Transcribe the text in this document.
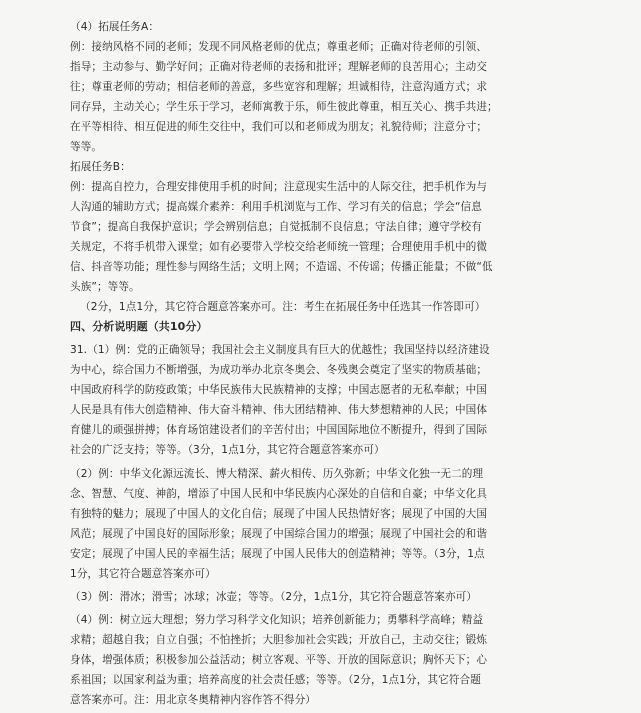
（4）拓展任务A：
例：接纳风格不同的老师；发现不同风格老师的优点；尊重老师；正确对待老师的引领、
指导；主动参与、勤学好问；正确对待老师的表扬和批评；理解老师的良苦用心；主动交
往；尊重老师的劳动；相信老师的善意，多些宽容和理解；坦诚相待，注意沟通方式；求
同存异，主动关心；学生乐于学习，老师寓教于乐，师生彼此尊重，相互关心、携手共进；
在平等相待、相互促进的师生交往中，我们可以和老师成为朋友；礼貌待师；注意分寸；
等等。
拓展任务B：
例：提高自控力，合理安排使用手机的时间；注意现实生活中的人际交往，把手机作为与
人沟通的辅助方式；提高媒介素养：利用手机浏览与工作、学习有关的信息；学会“信息
节食”；提高自我保护意识；学会辨别信息；自觉抵制不良信息；守法自律；遵守学校有
关规定，不将手机带入课堂；如有必要带入学校交给老师统一管理；合理使用手机中的微
信、抖音等功能；理性参与网络生活；文明上网；不造谣、不传谣；传播正能量；不做“低
头族”；等等。
（2分，1点1分，其它符合题意答案亦可。注：考生在拓展任务中任选其一作答即可）
四、分析说明题（共10分）
31.（1）例：党的正确领导；我国社会主义制度具有巨大的优越性；我国坚持以经济建设
为中心，综合国力不断增强，为成功举办北京冬奥会、冬残奥会奠定了坚实的物质基础；
中国政府科学的防疫政策；中华民族伟大民族精神的支撑；中国志愿者的无私奉献；中国
人民是具有伟大创造精神、伟大奋斗精神、伟大团结精神、伟大梦想精神的人民；中国体
育健儿的顽强拼搏；体育场馆建设者们的辛苦付出；中国国际地位不断提升，得到了国际
社会的广泛支持；等等。（3分，1点1分，其它符合题意答案亦可）
（2）例：中华文化源远流长、博大精深、薪火相传、历久弥新；中华文化独一无二的理
念、智慧、气度、神韵，增添了中国人民和中华民族内心深处的自信和自豪；中华文化具
有独特的魅力；展现了中国人的文化自信；展现了中国人民热情好客；展现了中国的大国
风范；展现了中国良好的国际形象；展现了中国综合国力的增强；展现了中国社会的和谐
安定；展现了中国人民的幸福生活；展现了中国人民伟大的创造精神；等等。（3分，1点
1分，其它符合题意答案亦可）
（3）例：滑冰；滑雪；冰球；冰壶；等等。（2分，1点1分，其它符合题意答案亦可）
（4）例：树立远大理想；努力学习科学文化知识；培养创新能力；勇攀科学高峰；精益
求精；超越自我；自立自强；不怕挫折；大胆参加社会实践；开放自己，主动交往；锻炼
身体，增强体质；积极参加公益活动；树立客观、平等、开放的国际意识；胸怀天下；心
系祖国；以国家利益为重；培养高度的社会责任感；等等。（2分，1点1分，其它符合题
意答案亦可。注：用北京冬奥精神内容作答不得分）
